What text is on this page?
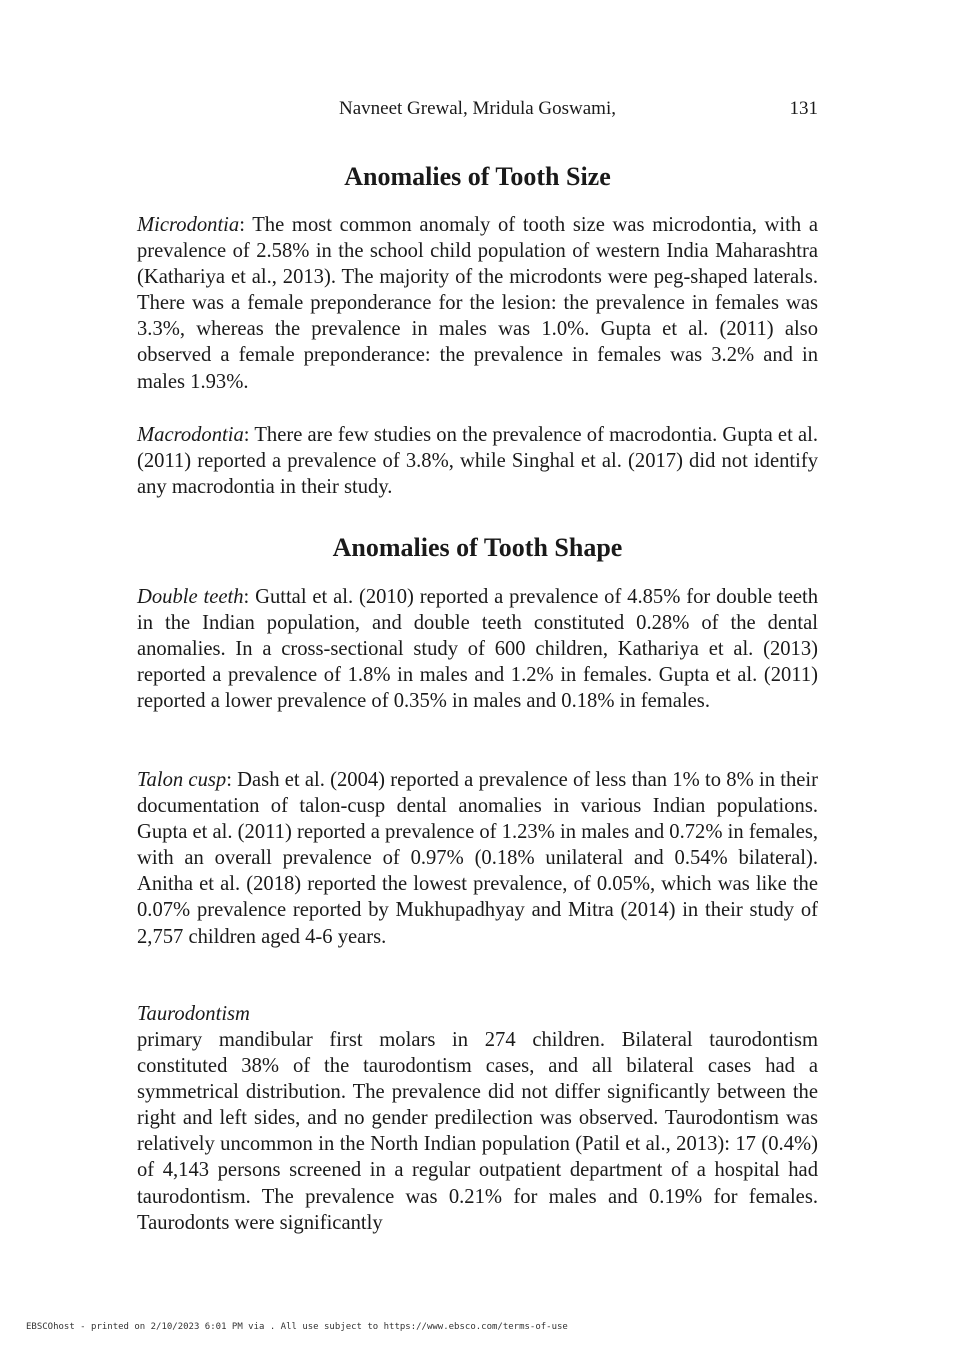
Navneet Grewal, Mridula Goswami,	131
Anomalies of Tooth Size

Microdontia: The most common anomaly of tooth size was microdontia, with a prevalence of 2.58% in the school child population of western India Maharashtra (Kathariya et al., 2013). The majority of the microdonts were peg-shaped laterals. There was a female preponderance for the lesion: the prevalence in females was 3.3%, whereas the prevalence in males was 1.0%. Gupta et al. (2011) also observed a female preponderance: the prevalence in females was 3.2% and in males 1.93%.

Macrodontia: There are few studies on the prevalence of macrodontia. Gupta et al. (2011) reported a prevalence of 3.8%, while Singhal et al. (2017) did not identify any macrodontia in their study.

Anomalies of Tooth Shape

Double teeth: Guttal et al. (2010) reported a prevalence of 4.85% for double teeth in the Indian population, and double teeth constituted 0.28% of the dental anomalies. In a cross-sectional study of 600 children, Kathariya et al. (2013) reported a prevalence of 1.8% in males and 1.2% in females. Gupta et al. (2011) reported a lower prevalence of 0.35% in males and 0.18% in females.

Talon cusp: Dash et al. (2004) reported a prevalence of less than 1% to 8% in their documentation of talon-cusp dental anomalies in various Indian populations. Gupta et al. (2011) reported a prevalence of 1.23% in males and 0.72% in females, with an overall prevalence of 0.97% (0.18% unilateral and 0.54% bilateral). Anitha et al. (2018) reported the lowest prevalence, of 0.05%, which was like the 0.07% prevalence reported by Mukhupadhyay and Mitra (2014) in their study of 2,757 children aged 4-6 years.

Taurodontism

primary mandibular first molars in 274 children. Bilateral taurodontism constituted 38% of the taurodontism cases, and all bilateral cases had a symmetrical distribution. The prevalence did not differ significantly between the right and left sides, and no gender predilection was observed. Taurodontism was relatively uncommon in the North Indian population (Patil et al., 2013): 17 (0.4%) of 4,143 persons screened in a regular outpatient department of a hospital had taurodontism. The prevalence was 0.21% for males and 0.19% for females. Taurodonts were significantly

EBSCOhost - printed on 2/10/2023 6:01 PM via . All use subject to https://www.ebsco.com/terms-of-use
